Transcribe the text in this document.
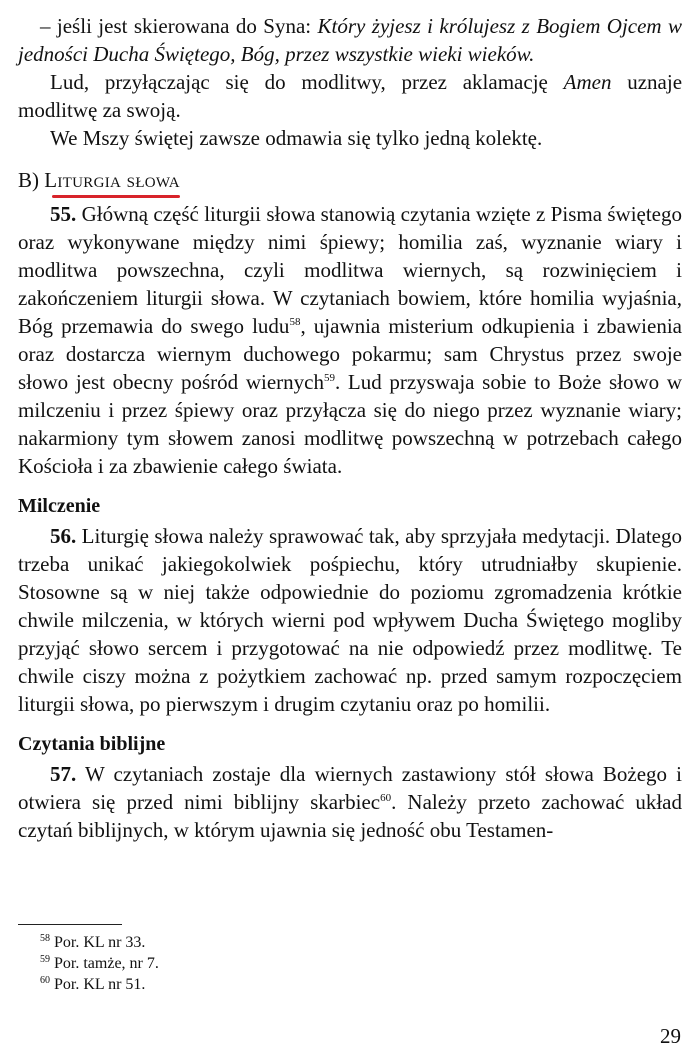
– jeśli jest skierowana do Syna: Który żyjesz i królujesz z Bogiem Ojcem w jedności Ducha Świętego, Bóg, przez wszystkie wieki wieków.

Lud, przyłączając się do modlitwy, przez aklamację Amen uznaje modlitwę za swoją.

We Mszy świętej zawsze odmawia się tylko jedną kolektę.

B) Liturgia słowa

55. Główną część liturgii słowa stanowią czytania wzięte z Pisma świętego oraz wykonywane między nimi śpiewy; homilia zaś, wyznanie wiary i modlitwa powszechna, czyli modlitwa wiernych, są rozwinięciem i zakończeniem liturgii słowa. W czytaniach bowiem, które homilia wyjaśnia, Bóg przemawia do swego ludu$^{58}$, ujawnia misterium odkupienia i zbawienia oraz dostarcza wiernym duchowego pokarmu; sam Chrystus przez swoje słowo jest obecny pośród wiernych$^{59}$. Lud przyswaja sobie to Boże słowo w milczeniu i przez śpiewy oraz przyłącza się do niego przez wyznanie wiary; nakarmiony tym słowem zanosi modlitwę powszechną w potrzebach całego Kościoła i za zbawienie całego świata.

Milczenie

56. Liturgię słowa należy sprawować tak, aby sprzyjała medytacji. Dlatego trzeba unikać jakiegokolwiek pośpiechu, który utrudniałby skupienie. Stosowne są w niej także odpowiednie do poziomu zgromadzenia krótkie chwile milczenia, w których wierni pod wpływem Ducha Świętego mogliby przyjąć słowo sercem i przygotować na nie odpowiedź przez modlitwę. Te chwile ciszy można z pożytkiem zachować np. przed samym rozpoczęciem liturgii słowa, po pierwszym i drugim czytaniu oraz po homilii.

Czytania biblijne

57. W czytaniach zostaje dla wiernych zastawiony stół słowa Bożego i otwiera się przed nimi biblijny skarbiec$^{60}$. Należy przeto zachować układ czytań biblijnych, w którym ujawnia się jedność obu Testamen-

$^{58}$ Por. KL nr 33.
$^{59}$ Por. tamże, nr 7.
$^{60}$ Por. KL nr 51.
29
